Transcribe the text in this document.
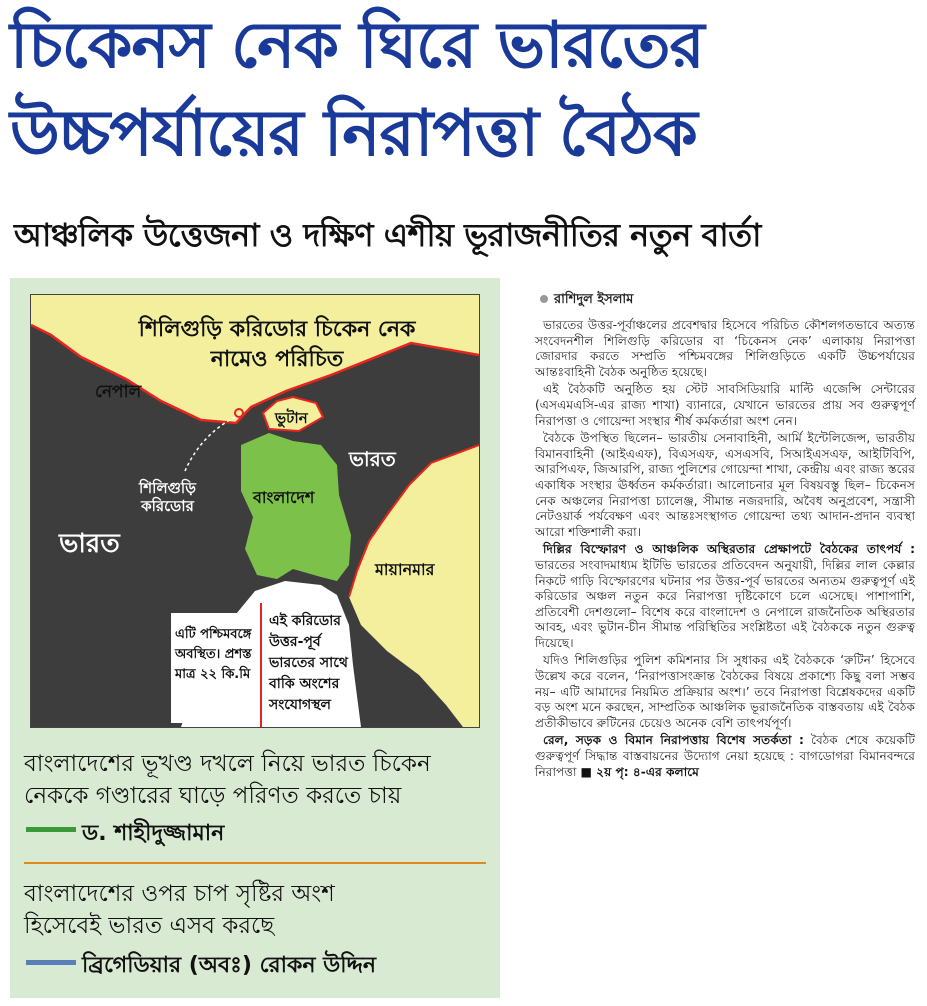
চিকেনস নেক ঘিরে ভারতের
উচ্চপর্যায়ের নিরাপত্তা বৈঠক
আঞ্চলিক উত্তেজনা ও দক্ষিণ এশীয় ভূরাজনীতির নতুন বার্তা
শিলিগুড়ি করিডোর চিকেন নেক
নামেও পরিচিত
নেপাল
ভুটান
ভারত
ভারত
বাংলাদেশ
মায়ানমার
শিলিগুড়ি
করিডোর
এটি পশ্চিমবঙ্গে
অবস্থিত। প্রশস্ত
মাত্র ২২ কি.মি
এই করিডোর
উত্তর-পূর্ব
ভারতের সাথে
বাকি অংশের
সংযোগস্থল
বাংলাদেশের ভূখণ্ড দখলে নিয়ে ভারত চিকেন
নেককে গণ্ডারের ঘাড়ে পরিণত করতে চায়
ড. শাহীদুজ্জামান
বাংলাদেশের ওপর চাপ সৃষ্টির অংশ
হিসেবেই ভারত এসব করছে
ব্রিগেডিয়ার (অবঃ) রোকন উদ্দিন
রাশিদুল ইসলাম

ভারতের উত্তর-পূর্বাঞ্চলের প্রবেশদ্বার হিসেবে পরিচিত কৌশলগতভাবে অত্যন্ত সংবেদনশীল শিলিগুড়ি করিডোর বা ‘চিকেনস নেক’ এলাকায় নিরাপত্তা জোরদার করতে সম্প্রতি পশ্চিমবঙ্গের শিলিগুড়িতে একটি উচ্চপর্যায়ের আন্তঃবাহিনী বৈঠক অনুষ্ঠিত হয়েছে।

এই বৈঠকটি অনুষ্ঠিত হয় স্টেট সাবসিডিয়ারি মাল্টি এজেন্সি সেন্টারের (এসএমএসি-এর রাজ্য শাখা) ব্যানারে, যেখানে ভারতের প্রায় সব গুরুত্বপূর্ণ নিরাপত্তা ও গোয়েন্দা সংস্থার শীর্ষ কর্মকর্তারা অংশ নেন।

বৈঠকে উপস্থিত ছিলেন– ভারতীয় সেনাবাহিনী, আর্মি ইন্টেলিজেন্স, ভারতীয় বিমানবাহিনী (আইএএফ), বিএসএফ, এসএসবি, সিআইএসএফ, আইটিবিপি, আরপিএফ, জিআরপি, রাজ্য পুলিশের গোয়েন্দা শাখা, কেন্দ্রীয় এবং রাজ্য স্তরের একাধিক সংস্থার ঊর্ধ্বতন কর্মকর্তারা। আলোচনার মূল বিষয়বস্তু ছিল– চিকেনস নেক অঞ্চলের নিরাপত্তা চ্যালেঞ্জ, সীমান্ত নজরদারি, অবৈধ অনুপ্রবেশ, সন্ত্রাসী নেটওয়ার্ক পর্যবেক্ষণ এবং আন্তঃসংস্থাগত গোয়েন্দা তথ্য আদান-প্রদান ব্যবস্থা আরো শক্তিশালী করা।

দিল্লির বিস্ফোরণ ও আঞ্চলিক অস্থিরতার প্রেক্ষাপটে বৈঠকের তাৎপর্য : ভারতের সংবাদমাধ্যম ইটিভি ভারতের প্রতিবেদন অনুযায়ী, দিল্লির লাল কেল্লার নিকটে গাড়ি বিস্ফোরণের ঘটনার পর উত্তর-পূর্ব ভারতের অন্যতম গুরুত্বপূর্ণ এই করিডোর অঞ্চল নতুন করে নিরাপত্তা দৃষ্টিকোণে চলে এসেছে। পাশাপাশি, প্রতিবেশী দেশগুলো– বিশেষ করে বাংলাদেশ ও নেপালে রাজনৈতিক অস্থিরতার আবহ, এবং ভুটান-চীন সীমান্ত পরিস্থিতির সংশ্লিষ্টতা এই বৈঠককে নতুন গুরুত্ব দিয়েছে।

যদিও শিলিগুড়ির পুলিশ কমিশনার সি সুধাকর এই বৈঠককে ‘রুটিন’ হিসেবে উল্লেখ করে বলেন, ‘নিরাপত্তাসংক্রান্ত বৈঠকের বিষয়ে প্রকাশ্যে কিছু বলা সম্ভব নয়– এটি আমাদের নিয়মিত প্রক্রিয়ার অংশ।’ তবে নিরাপত্তা বিশ্লেষকদের একটি বড় অংশ মনে করছেন, সাম্প্রতিক আঞ্চলিক ভূরাজনৈতিক বাস্তবতায় এই বৈঠক প্রতীকীভাবে রুটিনের চেয়েও অনেক বেশি তাৎপর্যপূর্ণ।

রেল, সড়ক ও বিমান নিরাপত্তায় বিশেষ সতর্কতা : বৈঠক শেষে কয়েকটি গুরুত্বপূর্ণ সিদ্ধান্ত বাস্তবায়নের উদ্যোগ নেয়া হয়েছে : বাগডোগরা বিমানবন্দরে নিরাপত্তা ■ ২য় পৃ: ৪-এর কলামে
